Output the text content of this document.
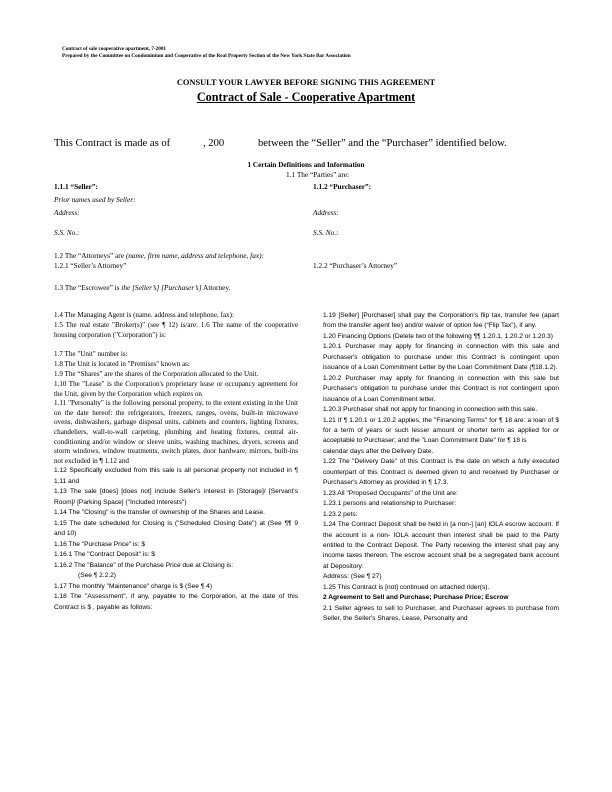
Contract of sale cooperative apartment, 7-2001
Prepared by the Committee on Condominium and Cooperative of the Real Property Section of the New York State Bar Association
CONSULT YOUR LAWYER BEFORE SIGNING THIS AGREEMENT
Contract of Sale - Cooperative Apartment
This Contract is made as of	, 200	between the “Seller” and the “Purchaser” identified below.
1 Certain Definitions and Information
1.1 The “Parties” are:
1.1.1 “Seller”:	1.1.2 “Purchaser”:
Prior names used by Seller:
Address:	Address:
S.S. No.:	S.S. No.:
1.2 The “Attorneys” are (name, firm name, address and telephone, fax):
1.2.1 “Seller’s Attorney”	1.2.2 “Purchaser’s Attorney”
1.3 The “Escrowee” is the [Seller’s] [Purchaser’s] Attorney.
1.4 The Managing Agent is (name. address and telephone, fax):
1.5 The real estate "Broker(s)" (see ¶ 12) is/are: 1.6 The name of the cooperative housing corporation ("Corporation") is:
1.7 The "Unit" number is:
1.8 The Unit is located in "Premises" known as:
1.9 The “Shares” are the shares of the Corporation allocated to the Unit.
1.10 The "Lease" is the Corporation's proprietary lease or occupancy agreement for the Unit, given by the Corporation which expires on
1.11 "Personalty" is the following personal property, to the extent existing in the Unit on the date hereof: the refrigerators, freezers, ranges, ovens, built-in microwave ovens, dishwashers, garbage disposal units, cabinets and counters, lighting fixtures, chandeliers, wall-to-wall carpeting, plumbing and heating fixtures, central air-conditioning and/or window or sleeve units, washing machines, dryers, screens and storm windows, window treatments, switch plates, door hardware, mirrors, built-ins not excluded in ¶ 1.12 and
1.12 Specifically excluded from this sale is all personal property not included in ¶ 1.11 and
1.13 The sale [does] [does not] include Seller's interest in [Storage]/ [Servant's Room]/ [Parking Space] ("Included Interests")
1.14 The "Closing" is the transfer of ownership of the Shares and Lease.
1.15 The date scheduled for Closing is ("Scheduled Closing Date") at (See ¶¶ 9 and 10)
1.16 The "Purchase Price" is: $
1.16.1 The "Contract Deposit" is: $
1.16.2 The "Balance" of the Purchase Price due at Closing is:
(See ¶ 2.2.2)
1.17 The monthly "Maintenance" charge is $ (See ¶ 4)
1.18 The "Assessment", if any, payable to the Corporation, at the date of this Contract is $ , payable as follows:
1.19 [Seller] [Purchaser] shall pay the Corporation's flip tax, transfer fee (apart from the transfer agent fee) and/or waiver of option fee (“Flip Tax”), if any.
1.20 Financing Options (Delete two of the following ¶¶ 1.20.1, 1.20.2 or 1.20.3)
1.20.1 Purchaser may apply for financing in connection with this sale and Purchaser's obligation to purchase under this Contract is contingent upon issuance of a Loan Commitment Letter by the Loan Commitment Date (¶18.1.2).
1.20.2 Purchaser may apply for financing in connection with this sale but Purchaser's obligation to purchase under this Contract is not contingent upon issuance of a Loan Commitment letter.
1.20.3 Purchaser shall not apply for financing in connection with this sale.
1.21 If ¶ 1.20.1 or 1.20.2 applies, the "Financing Terms" for ¶ 18 are: a loan of $ for a term of years or such lesser amount or shorter term as applied for or acceptable to Purchaser; and the "Loan Commitment Date" for ¶ 18 is
calendar days after the Delivery Date.
1.22 The "Delivery Date" of this Contract is the date on which a fully executed counterpart of this Contract is deemed given to and received by Purchaser or Purchaser's Attorney as provided in ¶ 17.3.
1.23 All "Proposed Occupants" of the Unit are:
1.23.1 persons and relationship to Purchaser:
1.23.2 pets:
1.24 The Contract Deposit shall be held in [a non-] [an] IOLA escrow account. If the account is a non- IOLA account then interest shall be paid to the Party entitled to the Contract Deposit. The Party receiving the interest shall pay any income taxes thereon. The escrow account shall be a segregated bank account at Depository:
Address: (See ¶ 27)
1.25 This Contract is [not] continued on attached rider(s).
2 Agreement to Sell and Purchase; Purchase Price; Escrow
2.1 Seller agrees to sell to Purchaser, and Purchaser agrees to purchase from Seller, the Seller's Shares, Lease, Personalty and
